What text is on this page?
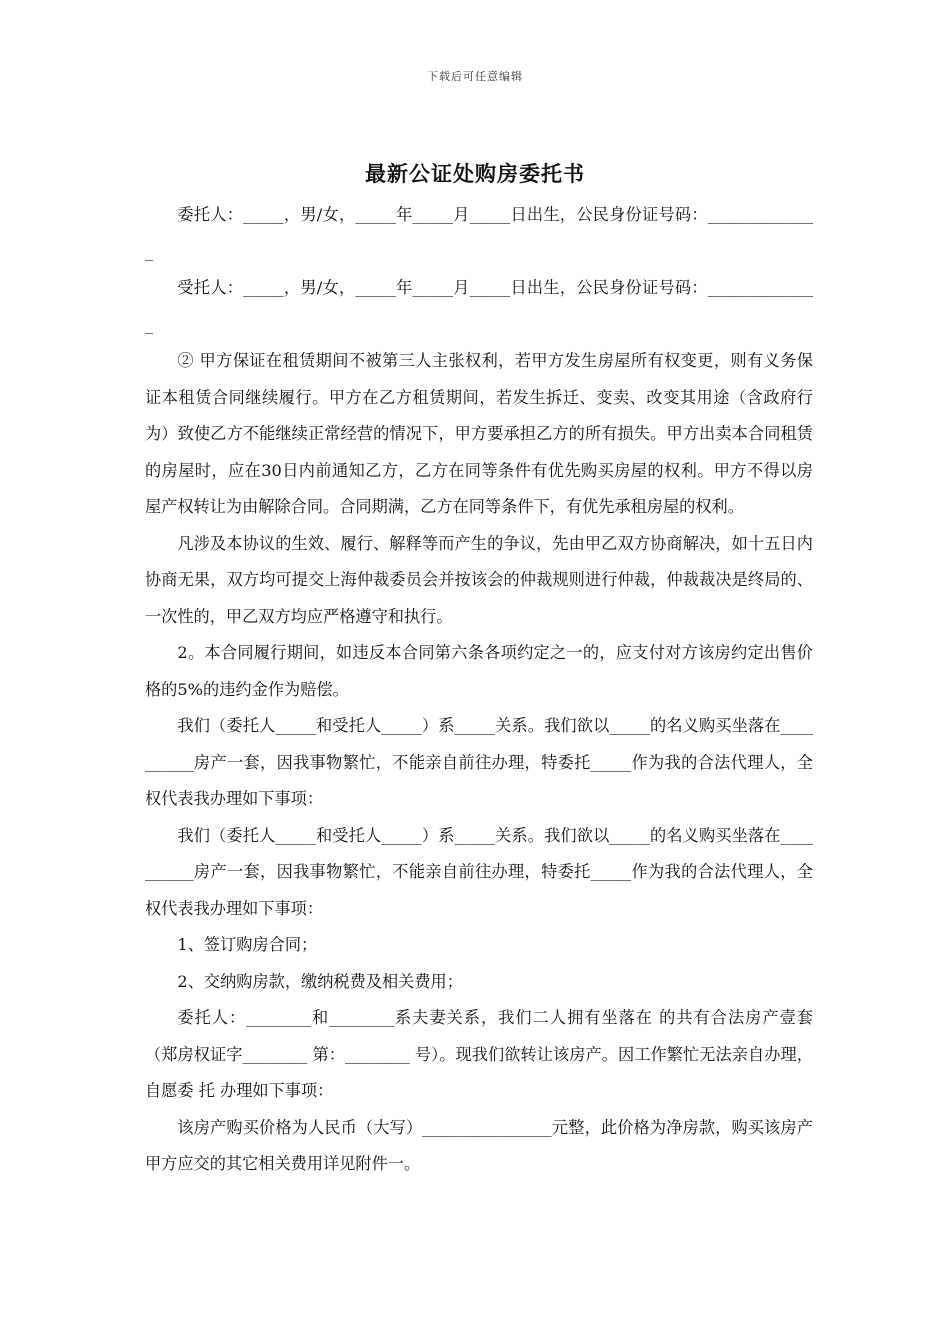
下载后可任意编辑
最新公证处购房委托书

委托人：_____，男/女，_____年_____月_____日出生，公民身份证号码：______________

受托人：_____，男/女，_____年_____月_____日出生，公民身份证号码：______________

② 甲方保证在租赁期间不被第三人主张权利，若甲方发生房屋所有权变更，则有义务保证本租赁合同继续履行。甲方在乙方租赁期间，若发生拆迁、变卖、改变其用途（含政府行为）致使乙方不能继续正常经营的情况下，甲方要承担乙方的所有损失。甲方出卖本合同租赁的房屋时，应在30日内前通知乙方，乙方在同等条件有优先购买房屋的权利。甲方不得以房屋产权转让为由解除合同。合同期满，乙方在同等条件下，有优先承租房屋的权利。

凡涉及本协议的生效、履行、解释等而产生的争议，先由甲乙双方协商解决，如十五日内协商无果，双方均可提交上海仲裁委员会并按该会的仲裁规则进行仲裁，仲裁裁决是终局的、一次性的，甲乙双方均应严格遵守和执行。

2。本合同履行期间，如违反本合同第六条各项约定之一的，应支付对方该房约定出售价格的5%的违约金作为赔偿。

我们（委托人_____和受托人_____）系_____关系。我们欲以_____的名义购买坐落在__________房产一套，因我事物繁忙，不能亲自前往办理，特委托_____作为我的合法代理人，全权代表我办理如下事项：

我们（委托人_____和受托人_____）系_____关系。我们欲以_____的名义购买坐落在__________房产一套，因我事物繁忙，不能亲自前往办理，特委托_____作为我的合法代理人，全权代表我办理如下事项：

1、签订购房合同；

2、交纳购房款，缴纳税费及相关费用；

委托人：________和________系夫妻关系，我们二人拥有坐落在 的共有合法房产壹套（郑房权证字________ 第：________ 号）。现我们欲转让该房产。因工作繁忙无法亲自办理，自愿委 托 办理如下事项：

该房产购买价格为人民币（大写）________________元整，此价格为净房款，购买该房产甲方应交的其它相关费用详见附件一。
